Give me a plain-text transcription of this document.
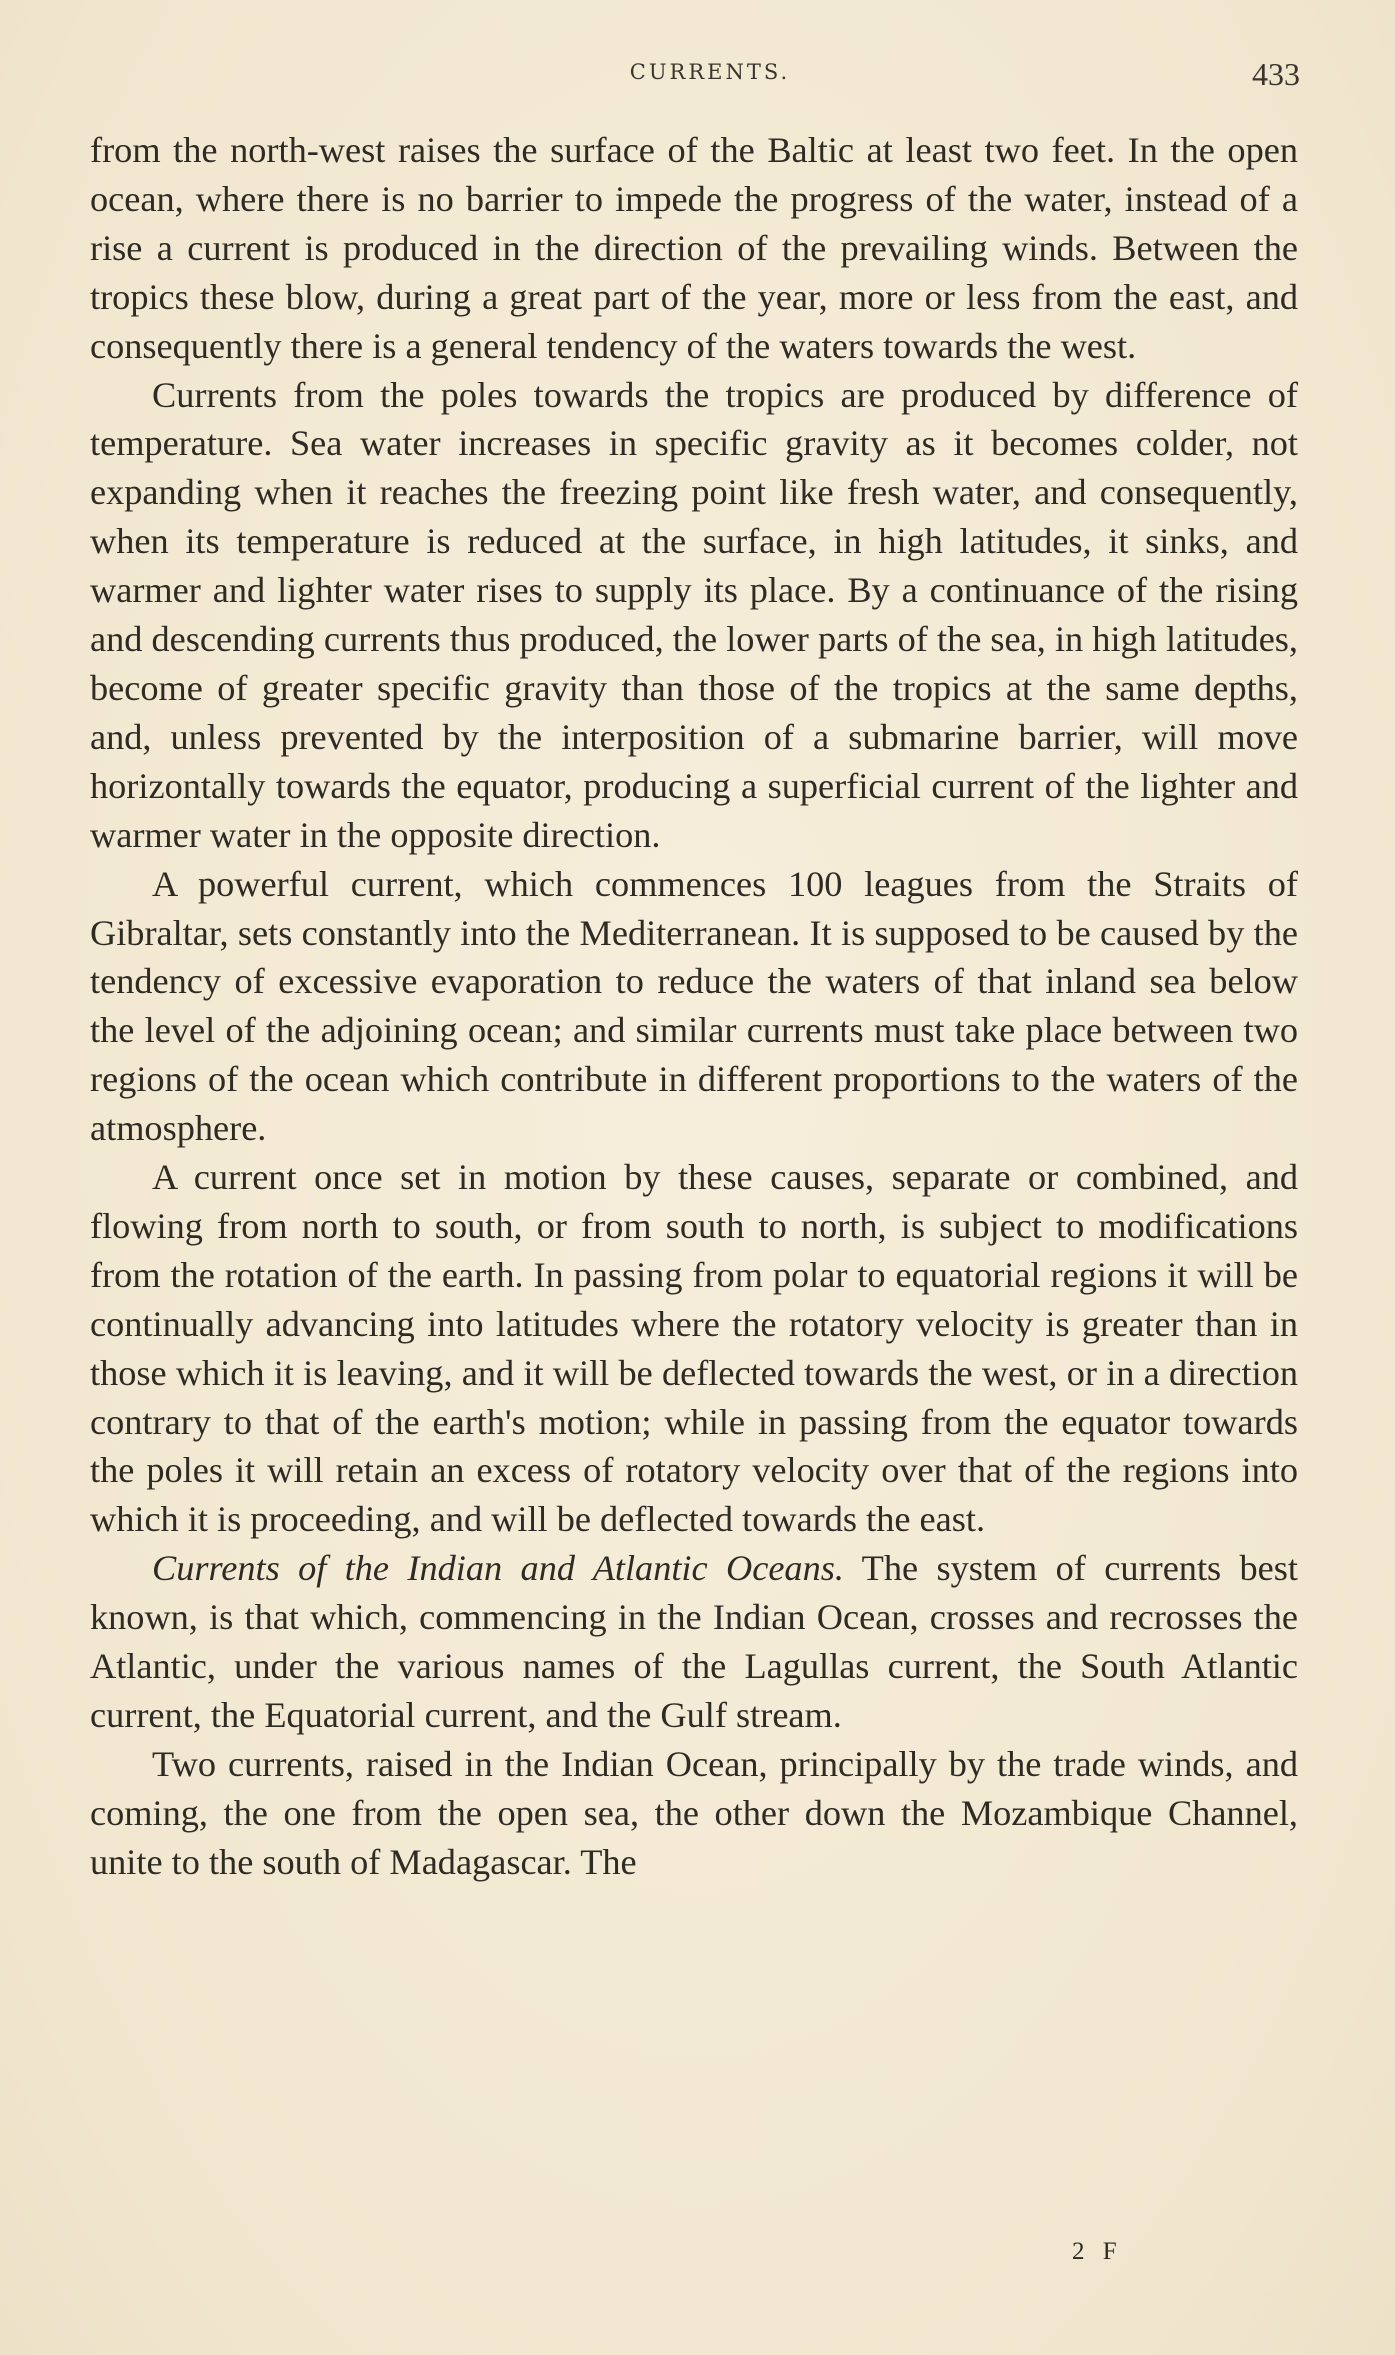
CURRENTS.	433

from the north-west raises the surface of the Baltic at least two feet. In the open ocean, where there is no barrier to impede the progress of the water, instead of a rise a current is produced in the direction of the prevailing winds. Between the tropics these blow, during a great part of the year, more or less from the east, and consequently there is a general tendency of the waters towards the west.

Currents from the poles towards the tropics are produced by difference of temperature. Sea water increases in specific gravity as it becomes colder, not expanding when it reaches the freezing point like fresh water, and consequently, when its temperature is reduced at the surface, in high latitudes, it sinks, and warmer and lighter water rises to supply its place. By a continuance of the rising and descending currents thus produced, the lower parts of the sea, in high latitudes, become of greater specific gravity than those of the tropics at the same depths, and, unless prevented by the interposition of a submarine barrier, will move horizontally towards the equator, producing a superficial current of the lighter and warmer water in the opposite direction.

A powerful current, which commences 100 leagues from the Straits of Gibraltar, sets constantly into the Mediterranean. It is supposed to be caused by the tendency of excessive evaporation to reduce the waters of that inland sea below the level of the adjoining ocean; and similar currents must take place between two regions of the ocean which contribute in different proportions to the waters of the atmosphere.

A current once set in motion by these causes, separate or combined, and flowing from north to south, or from south to north, is subject to modifications from the rotation of the earth. In passing from polar to equatorial regions it will be continually advancing into latitudes where the rotatory velocity is greater than in those which it is leaving, and it will be deflected towards the west, or in a direction contrary to that of the earth's motion; while in passing from the equator towards the poles it will retain an excess of rotatory velocity over that of the regions into which it is proceeding, and will be deflected towards the east.

Currents of the Indian and Atlantic Oceans. The system of currents best known, is that which, commencing in the Indian Ocean, crosses and recrosses the Atlantic, under the various names of the Lagullas current, the South Atlantic current, the Equatorial current, and the Gulf stream.

Two currents, raised in the Indian Ocean, principally by the trade winds, and coming, the one from the open sea, the other down the Mozambique Channel, unite to the south of Madagascar. The

2 F
